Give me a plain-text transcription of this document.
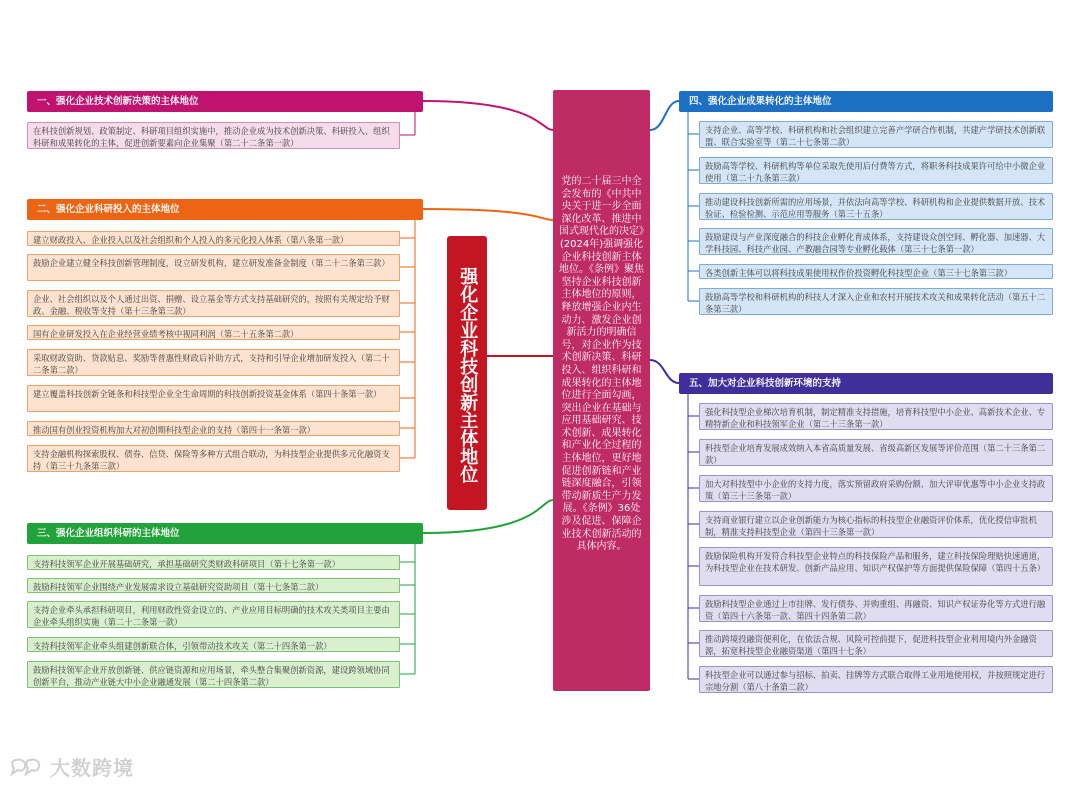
强化企业科技创新主体地位
党的二十届三中全会发布的《中共中央关于进一步全面深化改革、推进中国式现代化的决定》(2024年)强调强化企业科技创新主体地位。《条例》聚焦坚持企业科技创新主体地位的原则，释放增强企业内生动力、激发企业创新活力的明确信号，对企业作为技术创新决策、科研投入、组织科研和成果转化的主体地位进行全面勾画，突出企业在基础与应用基础研究、技术创新、成果转化和产业化全过程的主体地位，更好地促进创新链和产业链深度融合，引领带动新质生产力发展。《条例》36处涉及促进、保障企业技术创新活动的具体内容。
一、强化企业技术创新决策的主体地位
在科技创新规划、政策制定、科研项目组织实施中，推动企业成为技术创新决策、科研投入、组织科研和成果转化的主体，促进创新要素向企业集聚（第二十二条第一款）
二、强化企业科研投入的主体地位
建立财政投入、企业投入以及社会组织和个人投入的多元化投入体系（第八条第一款）
鼓励企业建立健全科技创新管理制度，设立研发机构，建立研发准备金制度（第二十二条第三款）
企业、社会组织以及个人通过出资、捐赠、设立基金等方式支持基础研究的，按照有关规定给予财政、金融、税收等支持（第十三条第三款）
国有企业研发投入在企业经营业绩考核中视同利润（第二十五条第二款）
采取财政资助、贷款贴息、奖励等普惠性财政后补助方式，支持和引导企业增加研发投入（第二十二条第二款）
建立覆盖科技创新全链条和科技型企业全生命周期的科技创新投资基金体系（第四十条第一款）
推动国有创业投资机构加大对初创期科技型企业的支持（第四十一条第一款）
支持金融机构探索股权、债券、信贷、保险等多种方式组合联动，为科技型企业提供多元化融资支持（第三十九条第三款）
三、强化企业组织科研的主体地位
支持科技领军企业开展基础研究，承担基础研究类财政科研项目（第十七条第一款）
鼓励科技领军企业围绕产业发展需求设立基础研究资助项目（第十七条第二款）
支持企业牵头承担科研项目，利用财政性资金设立的、产业应用目标明确的技术攻关类项目主要由企业牵头组织实施（第二十二条第一款）
支持科技领军企业牵头组建创新联合体，引领带动技术攻关（第二十四条第一款）
鼓励科技领军企业开放创新链、供应链资源和应用场景，牵头整合集聚创新资源，建设跨领域协同创新平台，推动产业链大中小企业融通发展（第二十四条第二款）
四、强化企业成果转化的主体地位
支持企业、高等学校、科研机构和社会组织建立完善产学研合作机制，共建产学研技术创新联盟、联合实验室等（第二十七条第二款）
鼓励高等学校、科研机构等单位采取先使用后付费等方式，将职务科技成果许可给中小微企业使用（第二十九条第三款）
推动建设科技创新所需的应用场景，并依法向高等学校、科研机构和企业提供数据开放、技术验证、检验检测、示范应用等服务（第三十五条）
鼓励建设与产业深度融合的科技企业孵化育成体系，支持建设众创空间、孵化器、加速器、大学科技园、科技产业园、产教融合园等专业孵化载体（第三十七条第一款）
各类创新主体可以将科技成果使用权作价投资孵化科技型企业（第三十七条第三款）
鼓励高等学校和科研机构的科技人才深入企业和农村开展技术攻关和成果转化活动（第五十二条第三款）
五、加大对企业科技创新环境的支持
强化科技型企业梯次培育机制，制定精准支持措施，培育科技型中小企业、高新技术企业、专精特新企业和科技领军企业（第二十三条第一款）
科技型企业培育发展成效纳入本省高质量发展、省级高新区发展等评价范围（第二十三条第二款）
加大对科技型中小企业的支持力度，落实预留政府采购份额、加大评审优惠等中小企业支持政策（第三十三条第一款）
支持商业银行建立以企业创新能力为核心指标的科技型企业融资评价体系，优化授信审批机制，精准支持科技型企业（第四十三条第一款）
鼓励保险机构开发符合科技型企业特点的科技保险产品和服务，建立科技保险理赔快速通道，为科技型企业在技术研发、创新产品应用、知识产权保护等方面提供保险保障（第四十五条）
鼓励科技型企业通过上市挂牌、发行债券、并购重组、再融资、知识产权证券化等方式进行融资（第四十六条第一款、第四十四条第二款）
推动跨境投融资便利化，在依法合规、风险可控前提下，促进科技型企业利用境内外金融资源，拓宽科技型企业融资渠道（第四十七条）
科技型企业可以通过参与招标、拍卖、挂牌等方式联合取得工业用地使用权，并按照规定进行宗地分割（第八十条第二款）
大数跨境
